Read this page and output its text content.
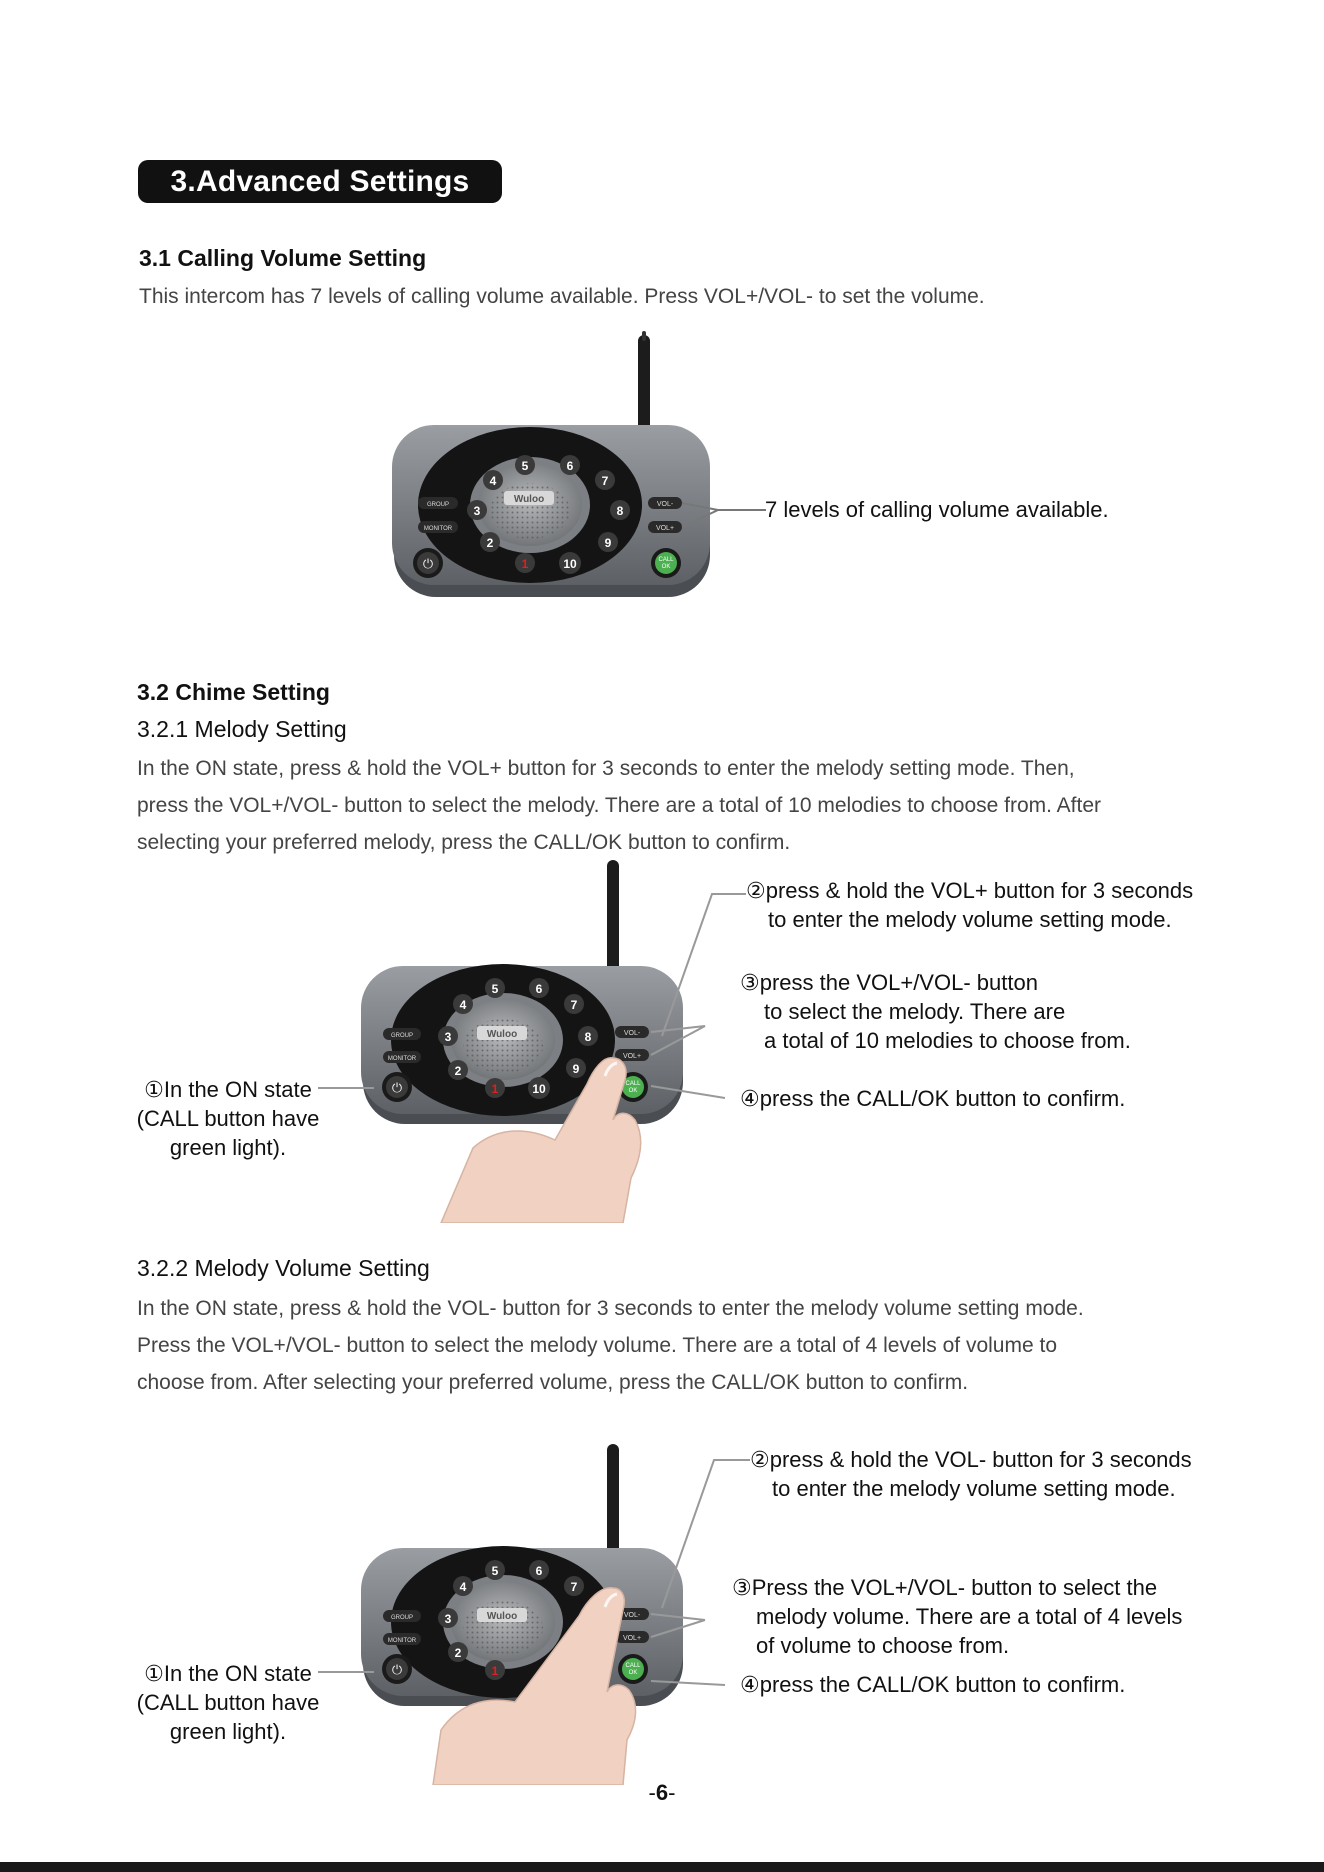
3.Advanced Settings
3.1 Calling Volume Setting
This intercom has 7 levels of calling volume available. Press VOL+/VOL- to set the volume.
Wuloo
5	6
4	7
3	8
2	9
1	10
GROUP
MONITOR
VOL-
VOL+
⏻	CALL
OK
7 levels of calling volume available.
3.2 Chime Setting
3.2.1 Melody Setting
In the ON state, press & hold the VOL+ button for 3 seconds to enter the melody setting mode. Then,
press the VOL+/VOL- button to select the melody. There are a total of 10 melodies to choose from. After
selecting your preferred melody, press the CALL/OK button to confirm.
Wuloo
5	6
4	7
3	8
2	9
1	10
GROUP
MONITOR
VOL-
VOL+
⏻	CALL
OK
①In the ON state
(CALL button have
green light).
②press & hold the VOL+ button for 3 seconds
to enter the melody volume setting mode.
③press the VOL+/VOL- button
to select the melody. There are
a total of 10 melodies to choose from.
④press the CALL/OK button to confirm.
3.2.2 Melody Volume Setting
In the ON state, press & hold the VOL- button for 3 seconds to enter the melody volume setting mode.
Press the VOL+/VOL- button to select the melody volume. There are a total of 4 levels of volume to
choose from. After selecting your preferred volume, press the CALL/OK button to confirm.
Wuloo
5	6
4	7
3
2
1
GROUP
MONITOR
VOL-
VOL+
⏻	CALL
OK
①In the ON state
(CALL button have
green light).
②press & hold the VOL- button for 3 seconds
to enter the melody volume setting mode.
③Press the VOL+/VOL- button to select the
melody volume. There are a total of 4 levels
of volume to choose from.
④press the CALL/OK button to confirm.
-6-
